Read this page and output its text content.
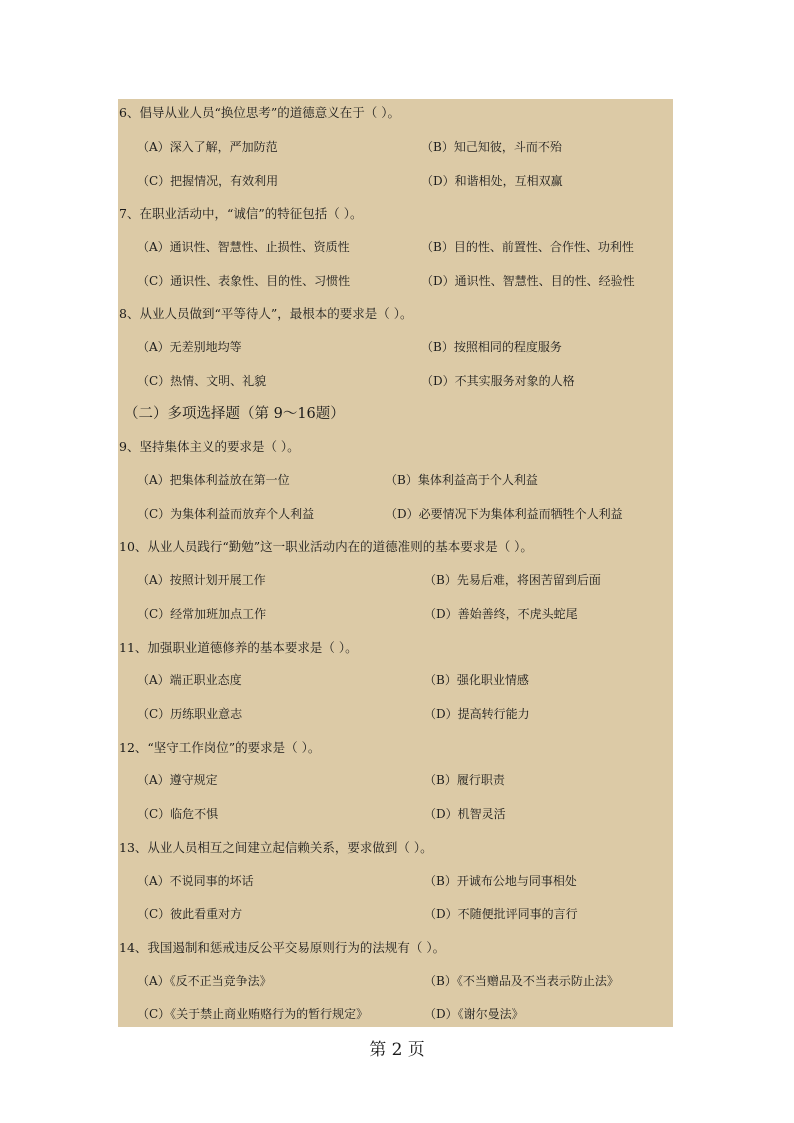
6、倡导从业人员“换位思考”的道德意义在于（ ）。
（A）深入了解，严加防范	（B）知己知彼，斗而不殆
（C）把握情况，有效利用	（D）和谐相处，互相双赢
7、在职业活动中，“诚信”的特征包括（ ）。
（A）通识性、智慧性、止损性、资质性	（B）目的性、前置性、合作性、功利性
（C）通识性、表象性、目的性、习惯性	（D）通识性、智慧性、目的性、经验性
8、从业人员做到“平等待人”，最根本的要求是（ ）。
（A）无差别地均等	（B）按照相同的程度服务
（C）热情、文明、礼貌	（D）不其实服务对象的人格
（二）多项选择题（第 9～16题）
9、坚持集体主义的要求是（ ）。
（A）把集体利益放在第一位	（B）集体利益高于个人利益
（C）为集体利益而放弃个人利益	（D）必要情况下为集体利益而牺牲个人利益
10、从业人员践行“勤勉”这一职业活动内在的道德准则的基本要求是（ ）。
（A）按照计划开展工作	（B）先易后难，将困苦留到后面
（C）经常加班加点工作	（D）善始善终，不虎头蛇尾
11、加强职业道德修养的基本要求是（ ）。
（A）端正职业态度	（B）强化职业情感
（C）历练职业意志	（D）提高转行能力
12、“坚守工作岗位”的要求是（ ）。
（A）遵守规定	（B）履行职责
（C）临危不惧	（D）机智灵活
13、从业人员相互之间建立起信赖关系，要求做到（ ）。
（A）不说同事的坏话	（B）开诚布公地与同事相处
（C）彼此看重对方	（D）不随便批评同事的言行
14、我国遏制和惩戒违反公平交易原则行为的法规有（ ）。
（A）《反不正当竞争法》	（B）《不当赠品及不当表示防止法》
（C）《关于禁止商业贿赂行为的暂行规定》	（D）《谢尔曼法》
第 2 页
